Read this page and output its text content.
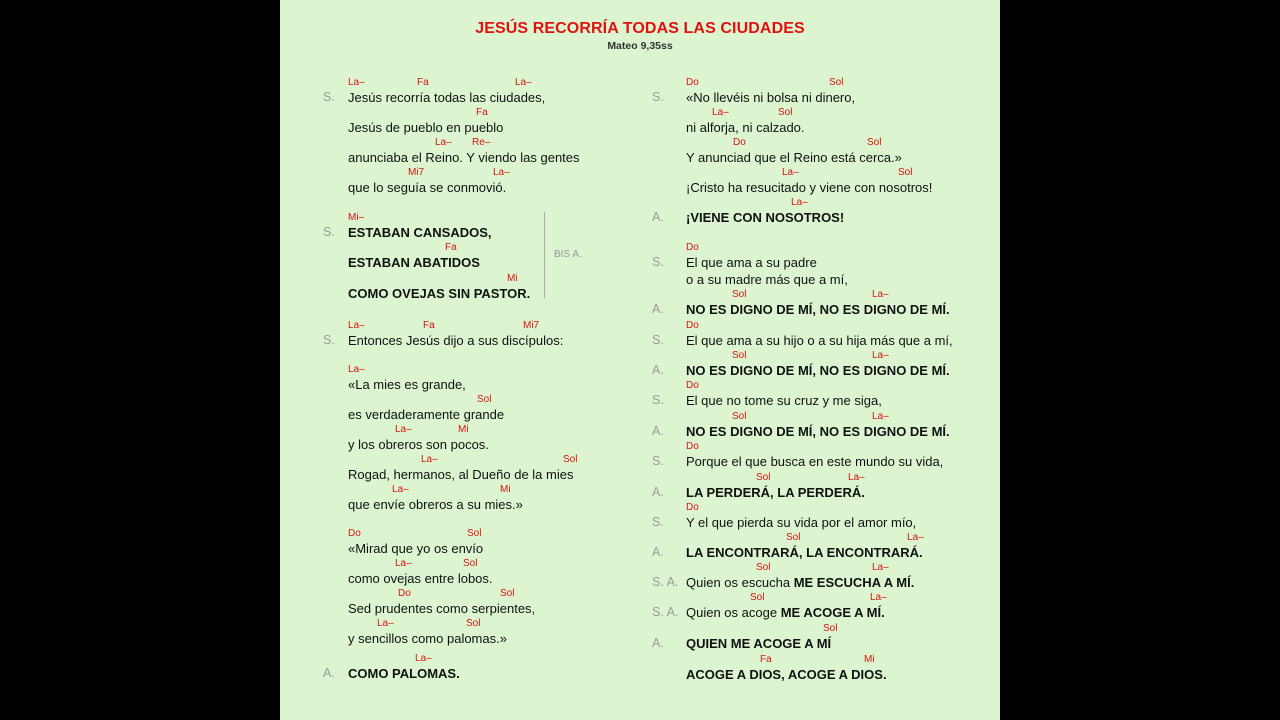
JESÚS RECORRÍA TODAS LAS CIUDADES
Mateo 9,35ss
BIS A.
S. Jesús recorría todas las ciudades,
La–	Fa	La–
Jesús de pueblo en pueblo
Fa
anunciaba el Reino. Y viendo las gentes
La– Re–
que lo seguía se conmovió.
Mi7	La–
S. ESTABAN CANSADOS,
Mi–
ESTABAN ABATIDOS
Fa
COMO OVEJAS SIN PASTOR.
Mi
S. Entonces Jesús dijo a sus discípulos:
La–	Fa	Mi7
«La mies es grande,
La–
es verdaderamente grande
Sol
y los obreros son pocos.
La–	Mi
Rogad, hermanos, al Dueño de la mies
La–	Sol
que envíe obreros a su mies.»
La–	Mi
«Mirad que yo os envío
Do	Sol
como ovejas entre lobos.
La–	Sol
Sed prudentes como serpientes,
Do	Sol
y sencillos como palomas.»
La–	Sol
A. COMO PALOMAS.
La–
S. «No llevéis ni bolsa ni dinero,
Do	Sol
ni alforja, ni calzado.
La–	Sol
Y anunciad que el Reino está cerca.»
Do	Sol
¡Cristo ha resucitado y viene con nosotros!
La–	Sol
A. ¡VIENE CON NOSOTROS!
La–
S. El que ama a su padre
Do
o a su madre más que a mí,
A. NO ES DIGNO DE MÍ, NO ES DIGNO DE MÍ.
Sol	La–
S. El que ama a su hijo o a su hija más que a mí,
Do
A. NO ES DIGNO DE MÍ, NO ES DIGNO DE MÍ.
Sol	La–
S. El que no tome su cruz y me siga,
Do
A. NO ES DIGNO DE MÍ, NO ES DIGNO DE MÍ.
Sol	La–
S. Porque el que busca en este mundo su vida,
Do
A. LA PERDERÁ, LA PERDERÁ.
Sol	La–
S. Y el que pierda su vida por el amor mío,
Do
A. LA ENCONTRARÁ, LA ENCONTRARÁ.
Sol	La–
S. A. Quien os escucha ME ESCUCHA A MÍ.
Sol	La–
S. A. Quien os acoge ME ACOGE A MÍ.
Sol	La–
A. QUIEN ME ACOGE A MÍ
Sol
ACOGE A DIOS, ACOGE A DIOS.
Fa	Mi
